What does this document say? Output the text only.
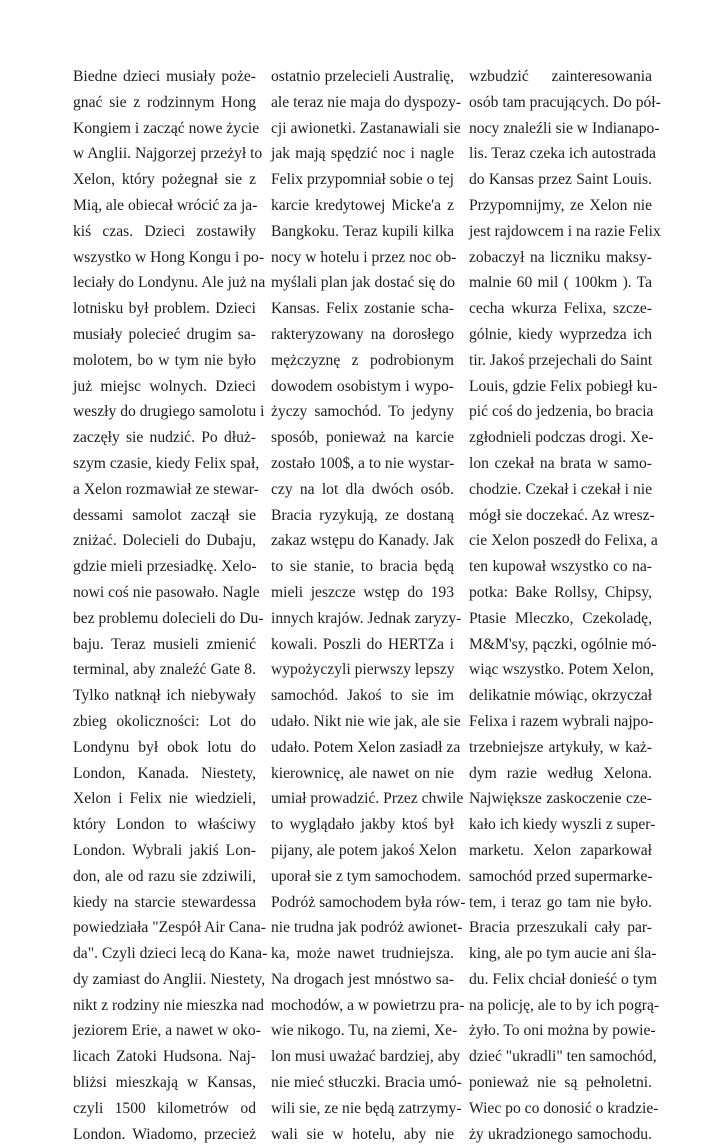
Biedne dzieci musiały poże-
gnać sie z rodzinnym Hong
Kongiem i zacząć nowe życie
w Anglii. Najgorzej przeżył to
Xelon, który pożegnał sie z
Mią, ale obiecał wrócić za ja-
kiś czas. Dzieci zostawiły
wszystko w Hong Kongu i po-
leciały do Londynu. Ale już na
lotnisku był problem. Dzieci
musiały polecieć drugim sa-
molotem, bo w tym nie było
już miejsc wolnych. Dzieci
weszły do drugiego samolotu i
zaczęły sie nudzić. Po dłuż-
szym czasie, kiedy Felix spał,
a Xelon rozmawiał ze stewar-
dessami samolot zaczął sie
zniżać. Dolecieli do Dubaju,
gdzie mieli przesiadkę. Xelo-
nowi coś nie pasowało. Nagle
bez problemu dolecieli do Du-
baju. Teraz musieli zmienić
terminal, aby znaleźć Gate 8.
Tylko natknął ich niebywały
zbieg okoliczności: Lot do
Londynu był obok lotu do
London, Kanada. Niestety,
Xelon i Felix nie wiedzieli,
który London to właściwy
London. Wybrali jakiś Lon-
don, ale od razu sie zdziwili,
kiedy na starcie stewardessa
powiedziała "Zespół Air Cana-
da". Czyli dzieci lecą do Kana-
dy zamiast do Anglii. Niestety,
nikt z rodziny nie mieszka nad
jeziorem Erie, a nawet w oko-
licach Zatoki Hudsona. Naj-
bliżsi mieszkają w Kansas,
czyli 1500 kilometrów od
London. Wiadomo, przecież
ostatnio przelecieli Australię,
ale teraz nie maja do dyspozy-
cji awionetki. Zastanawiali sie
jak mają spędzić noc i nagle
Felix przypomniał sobie o tej
karcie kredytowej Micke'a z
Bangkoku. Teraz kupili kilka
nocy w hotelu i przez noc ob-
myślali plan jak dostać się do
Kansas. Felix zostanie scha-
rakteryzowany na dorosłego
mężczyznę z podrobionym
dowodem osobistym i wypo-
życzy samochód. To jedyny
sposób, ponieważ na karcie
zostało 100$, a to nie wystar-
czy na lot dla dwóch osób.
Bracia ryzykują, ze dostaną
zakaz wstępu do Kanady. Jak
to sie stanie, to bracia będą
mieli jeszcze wstęp do 193
innych krajów. Jednak zaryzy-
kowali. Poszli do HERTZa i
wypożyczyli pierwszy lepszy
samochód. Jakoś to sie im
udało. Nikt nie wie jak, ale sie
udało. Potem Xelon zasiadł za
kierownicę, ale nawet on nie
umiał prowadzić. Przez chwile
to wyglądało jakby ktoś był
pijany, ale potem jakoś Xelon
uporał sie z tym samochodem.
Podróż samochodem była rów-
nie trudna jak podróż awionet-
ka, może nawet trudniejsza.
Na drogach jest mnóstwo sa-
mochodów, a w powietrzu pra-
wie nikogo. Tu, na ziemi, Xe-
lon musi uważać bardziej, aby
nie mieć stłuczki. Bracia umó-
wili sie, ze nie będą zatrzymy-
wali sie w hotelu, aby nie
wzbudzić zainteresowania
osób tam pracujących. Do pół-
nocy znaleźli sie w Indianapo-
lis. Teraz czeka ich autostrada
do Kansas przez Saint Louis.
Przypomnijmy, ze Xelon nie
jest rajdowcem i na razie Felix
zobaczył na liczniku maksy-
malnie 60 mil ( 100km ). Ta
cecha wkurza Felixa, szcze-
gólnie, kiedy wyprzedza ich
tir. Jakoś przejechali do Saint
Louis, gdzie Felix pobiegł ku-
pić coś do jedzenia, bo bracia
zgłodnieli podczas drogi. Xe-
lon czekał na brata w samo-
chodzie. Czekał i czekał i nie
mógł sie doczekać. Az wresz-
cie Xelon poszedł do Felixa, a
ten kupował wszystko co na-
potka: Bake Rollsy, Chipsy,
Ptasie Mleczko, Czekoladę,
M&M'sy, pączki, ogólnie mó-
wiąc wszystko. Potem Xelon,
delikatnie mówiąc, okrzyczał
Felixa i razem wybrali najpo-
trzebniejsze artykuły, w każ-
dym razie według Xelona.
Największe zaskoczenie cze-
kało ich kiedy wyszli z super-
marketu. Xelon zaparkował
samochód przed supermarke-
tem, i teraz go tam nie było.
Bracia przeszukali cały par-
king, ale po tym aucie ani śla-
du. Felix chciał donieść o tym
na policję, ale to by ich pogrą-
żyło. To oni można by powie-
dzieć "ukradli" ten samochód,
ponieważ nie są pełnoletni.
Wiec po co donosić o kradzie-
ży ukradzionego samochodu.
